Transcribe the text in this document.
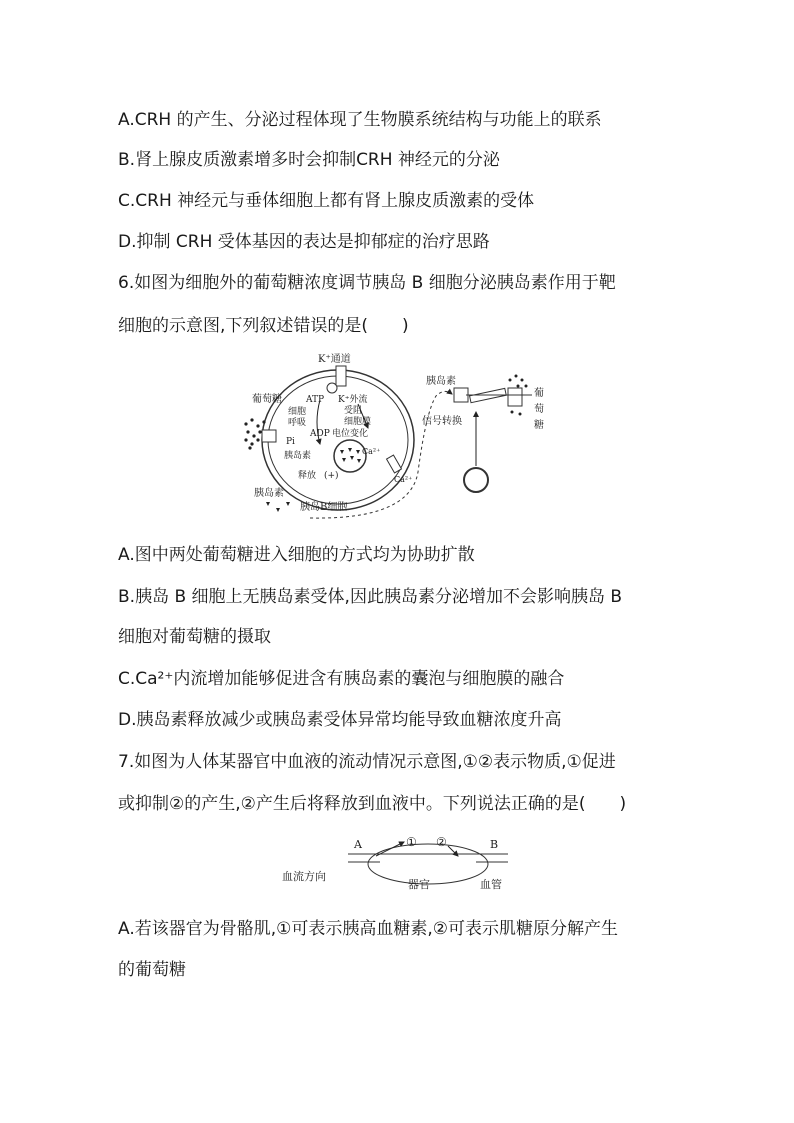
A.CRH 的产生、分泌过程体现了生物膜系统结构与功能上的联系
B.肾上腺皮质激素增多时会抑制CRH 神经元的分泌
C.CRH 神经元与垂体细胞上都有肾上腺皮质激素的受体
D.抑制 CRH 受体基因的表达是抑郁症的治疗思路
6.如图为细胞外的葡萄糖浓度调节胰岛 B 细胞分泌胰岛素作用于靶
细胞的示意图,下列叙述错误的是(　　)
K⁺通道
葡萄糖	ATP K⁺外流
受阻
细胞膜
电位变化
细胞
呼吸
ADP
Pi
胰岛素
释放 (+)
Ca²⁺
Ca²⁺
胰岛素
胰岛B细胞
胰岛素
葡
萄
糖
信号转换
A.图中两处葡萄糖进入细胞的方式均为协助扩散
B.胰岛 B 细胞上无胰岛素受体,因此胰岛素分泌增加不会影响胰岛 B
细胞对葡萄糖的摄取
C.Ca²⁺内流增加能够促进含有胰岛素的囊泡与细胞膜的融合
D.胰岛素释放减少或胰岛素受体异常均能导致血糖浓度升高
7.如图为人体某器官中血液的流动情况示意图,①②表示物质,①促进
或抑制②的产生,②产生后将释放到血液中。下列说法正确的是(　　)
A	B
① ②
血流方向
器官	血管
A.若该器官为骨骼肌,①可表示胰高血糖素,②可表示肌糖原分解产生
的葡萄糖
